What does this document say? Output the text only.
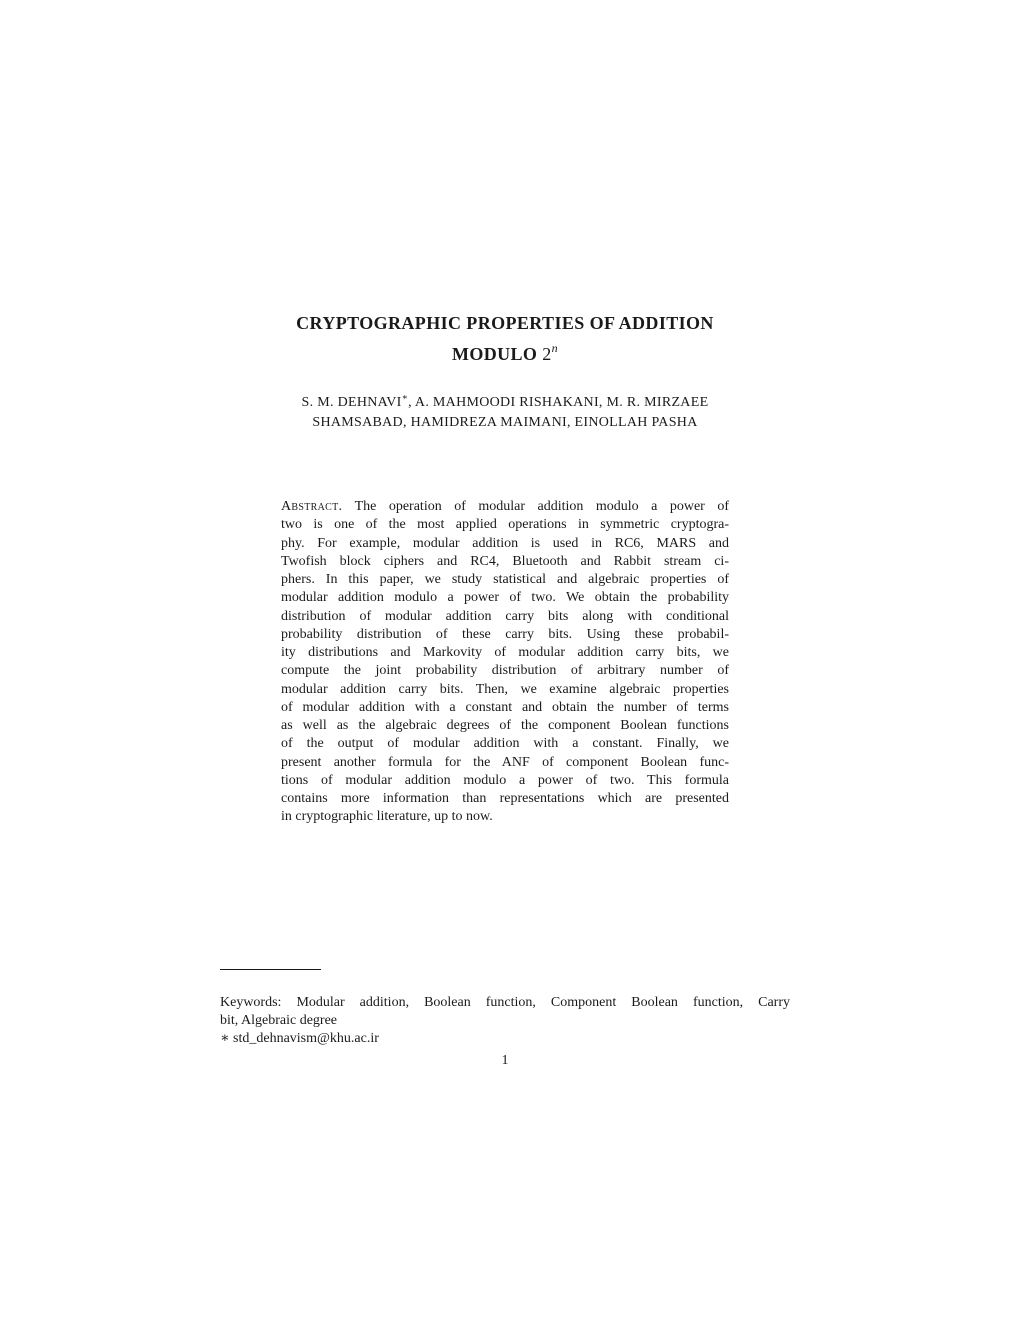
CRYPTOGRAPHIC PROPERTIES OF ADDITION
MODULO 2$^n$
S. M. DEHNAVI∗, A. MAHMOODI RISHAKANI, M. R. MIRZAEE
SHAMSABAD, HAMIDREZA MAIMANI, EINOLLAH PASHA
Abstract. The operation of modular addition modulo a power of
two is one of the most applied operations in symmetric cryptogra-
phy. For example, modular addition is used in RC6, MARS and
Twofish block ciphers and RC4, Bluetooth and Rabbit stream ci-
phers. In this paper, we study statistical and algebraic properties of
modular addition modulo a power of two. We obtain the probability
distribution of modular addition carry bits along with conditional
probability distribution of these carry bits. Using these probabil-
ity distributions and Markovity of modular addition carry bits, we
compute the joint probability distribution of arbitrary number of
modular addition carry bits. Then, we examine algebraic properties
of modular addition with a constant and obtain the number of terms
as well as the algebraic degrees of the component Boolean functions
of the output of modular addition with a constant. Finally, we
present another formula for the ANF of component Boolean func-
tions of modular addition modulo a power of two. This formula
contains more information than representations which are presented
in cryptographic literature, up to now.
Keywords: Modular addition, Boolean function, Component Boolean function, Carry
bit, Algebraic degree
∗ std_dehnavism@khu.ac.ir
1
